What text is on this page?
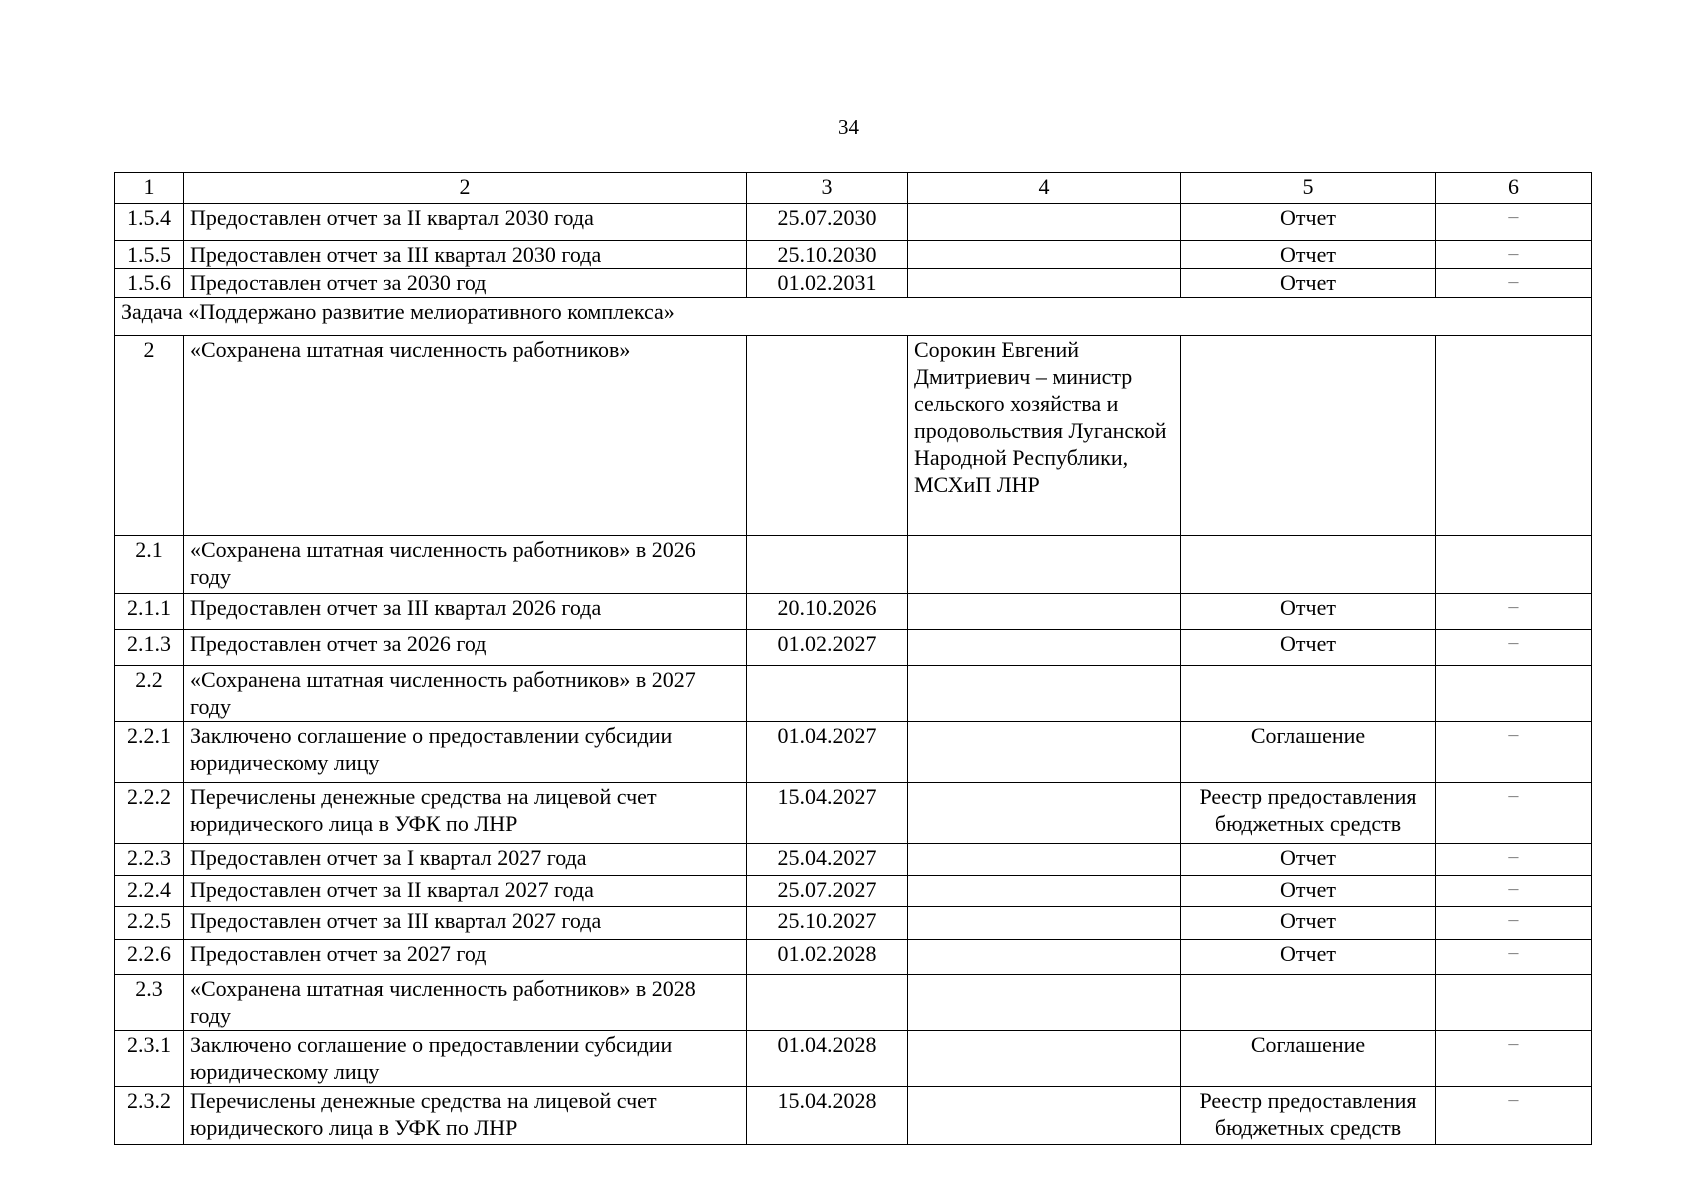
34
1	2	3	4	5	6
1.5.4	Предоставлен отчет за II квартал 2030 года	25.07.2030		Отчет	−
1.5.5	Предоставлен отчет за III квартал 2030 года	25.10.2030		Отчет	−
1.5.6	Предоставлен отчет за 2030 год	01.02.2031		Отчет	−
Задача «Поддержано развитие мелиоративного комплекса»					
2	«Сохранена штатная численность работников»		Сорокин Евгений Дмитриевич – министр сельского хозяйства и продовольствия Луганской Народной Республики, МСХиП ЛНР		
2.1	«Сохранена штатная численность работников» в 2026 году				
2.1.1	Предоставлен отчет за III квартал 2026 года	20.10.2026		Отчет	−
2.1.3	Предоставлен отчет за 2026 год	01.02.2027		Отчет	−
2.2	«Сохранена штатная численность работников» в 2027 году				
2.2.1	Заключено соглашение о предоставлении субсидии юридическому лицу	01.04.2027		Соглашение	−
2.2.2	Перечислены денежные средства на лицевой счет юридического лица в УФК по ЛНР	15.04.2027		Реестр предоставления бюджетных средств	−
2.2.3	Предоставлен отчет за I квартал 2027 года	25.04.2027		Отчет	−
2.2.4	Предоставлен отчет за II квартал 2027 года	25.07.2027		Отчет	−
2.2.5	Предоставлен отчет за III квартал 2027 года	25.10.2027		Отчет	−
2.2.6	Предоставлен отчет за 2027 год	01.02.2028		Отчет	−
2.3	«Сохранена штатная численность работников» в 2028 году				
2.3.1	Заключено соглашение о предоставлении субсидии юридическому лицу	01.04.2028		Соглашение	−
2.3.2	Перечислены денежные средства на лицевой счет юридического лица в УФК по ЛНР	15.04.2028		Реестр предоставления бюджетных средств	−
